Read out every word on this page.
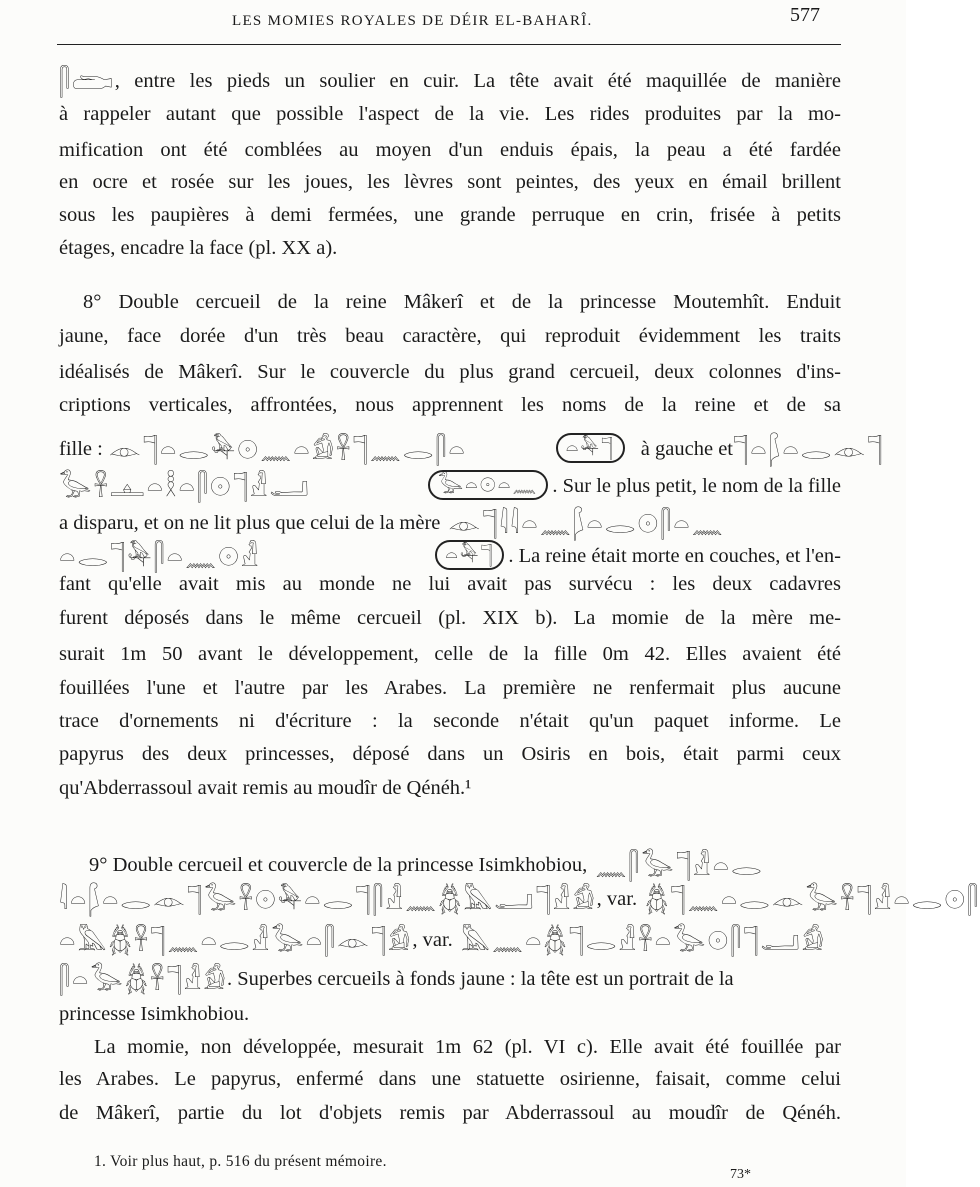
LES MOMIES ROYALES DE DÉIR EL-BAHARÎ.	577
𓋴𓂧 , entre les pieds un soulier en cuir. La tête avait été maquillée de manière
à rappeler autant que possible l'aspect de la vie. Les rides produites par la mo-
mification ont été comblées au moyen d'un enduis épais, la peau a été fardée
en ocre et rosée sur les joues, les lèvres sont peintes, des yeux en émail brillent
sous les paupières à demi fermées, une grande perruque en crin, frisée à petits
étages, encadre la face (pl. XX a).
8° Double cercueil de la reine Mâkerî et de la princesse Moutemhît. Enduit
jaune, face dorée d'un très beau caractère, qui reproduit évidemment les traits
idéalisés de Mâkerî. Sur le couvercle du plus grand cercueil, deux colonnes d'ins-
criptions verticales, affrontées, nous apprennent les noms de la reine et de sa
fille : 𓁹𓊹𓏏𓂋𓅆𓇳𓈖𓏏𓀁𓋹𓊹𓈖𓂋𓋴𓏏	𓏏𓅆𓊹	à gauche et 𓊹𓏏𓆄𓏏𓂋𓁹𓊹
𓅭𓋹𓊵𓏏𓎛𓏏𓋴𓇳𓊹𓁐𓂝	𓅭𓏏𓇳𓏏𓈖 . Sur le plus petit, le nom de la fille
a disparu, et on ne lit plus que celui de la mère 𓁹𓊹𓇋𓇋𓏏𓈖𓆄𓏏𓂋𓇳𓋴𓏏𓈖
𓏏𓂋𓊹𓅆𓋴𓏏𓈖𓇳𓁐	𓏏𓅆𓊹 . La reine était morte en couches, et l'en-
fant qu'elle avait mis au monde ne lui avait pas survécu : les deux cadavres
furent déposés dans le même cercueil (pl. XIX b). La momie de la mère me-
surait 1m 50 avant le développement, celle de la fille 0m 42. Elles avaient été
fouillées l'une et l'autre par les Arabes. La première ne renfermait plus aucune
trace d'ornements ni d'écriture : la seconde n'était qu'un paquet informe. Le
papyrus des deux princesses, déposé dans un Osiris en bois, était parmi ceux
qu'Abderrassoul avait remis au moudîr de Qénéh.¹
9° Double cercueil et couvercle de la princesse Isimkhobiou, 𓈖𓋴𓅭𓊹𓁐𓏏𓂋
𓇋𓏏𓆄𓏏𓂋𓁹𓊹𓅭𓋹𓇳𓅆𓏏𓂋𓊹𓋴𓁐𓈖𓆣𓅓𓂝𓊹𓁐𓀁 , var. 𓆣𓊹𓈖𓏏𓂋𓁹𓅭𓋹𓊹𓁐𓏏𓂋𓇳𓋴
𓏏𓅓𓆣𓋹𓊹𓈖𓏏𓂋𓁐𓅭𓏏𓋴𓁹𓊹𓀁 , var. 𓅓𓈖𓏏𓆣𓊹𓂋𓁐𓋹𓏏𓅭𓇳𓋴𓊹𓂝𓀁
𓋴𓏏𓅭𓆣𓋹𓊹𓁐𓀁 . Superbes cercueils à fonds jaune : la tête est un portrait de la
princesse Isimkhobiou.
La momie, non développée, mesurait 1m 62 (pl. VI c). Elle avait été fouillée par
les Arabes. Le papyrus, enfermé dans une statuette osirienne, faisait, comme celui
de Mâkerî, partie du lot d'objets remis par Abderrassoul au moudîr de Qénéh.
1. Voir plus haut, p. 516 du présent mémoire.
73*
